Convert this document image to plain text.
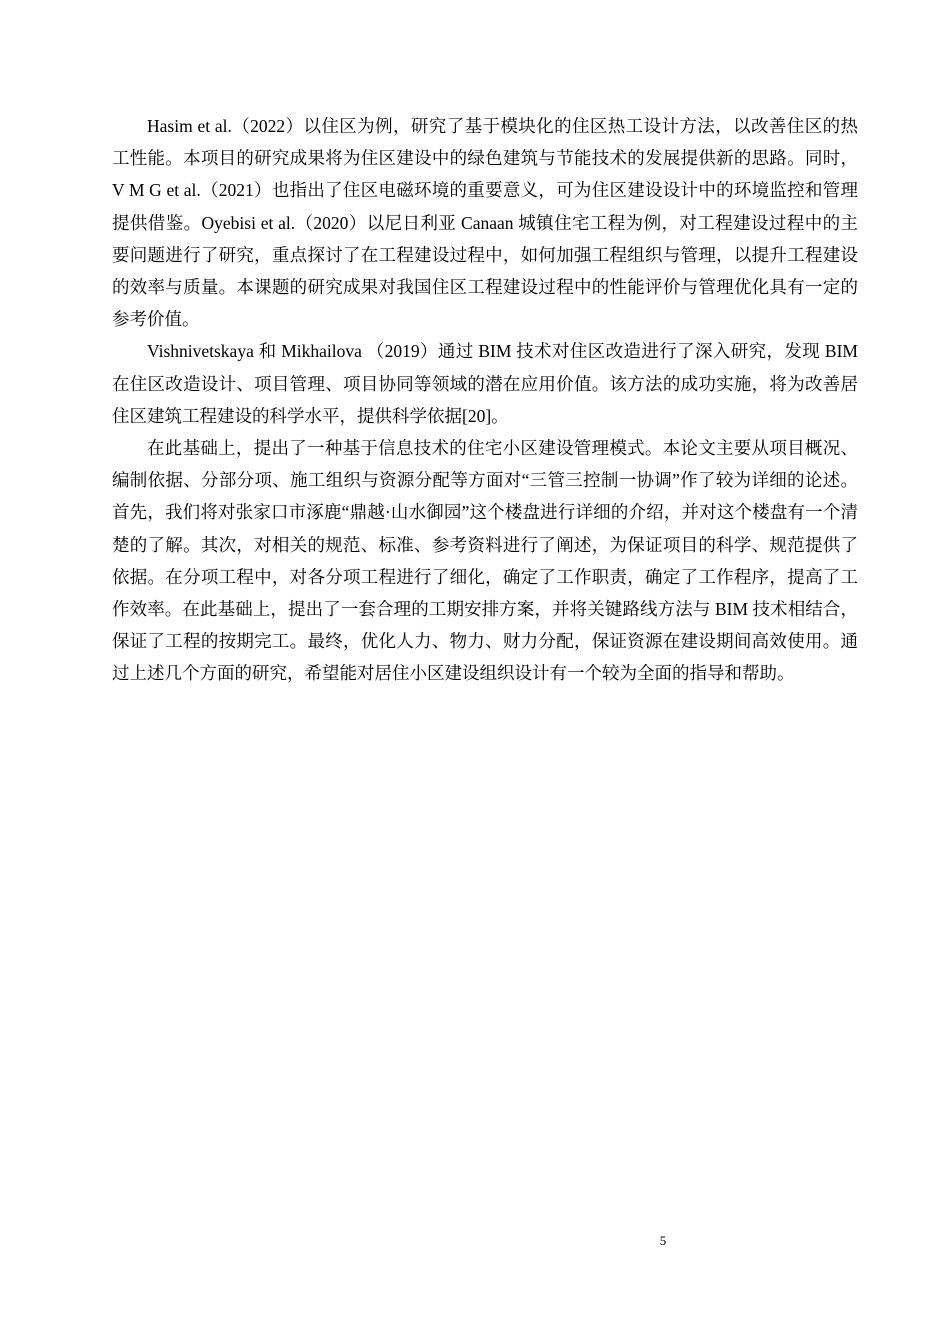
Hasim et al.（2022）以住区为例，研究了基于模块化的住区热工设计方法，以改善住区的热工性能。本项目的研究成果将为住区建设中的绿色建筑与节能技术的发展提供新的思路。同时， V M G et al.（2021）也指出了住区电磁环境的重要意义，可为住区建设设计中的环境监控和管理提供借鉴。Oyebisi et al.（2020）以尼日利亚 Canaan 城镇住宅工程为例，对工程建设过程中的主要问题进行了研究，重点探讨了在工程建设过程中，如何加强工程组织与管理，以提升工程建设的效率与质量。本课题的研究成果对我国住区工程建设过程中的性能评价与管理优化具有一定的参考价值。

Vishnivetskaya 和 Mikhailova （2019）通过 BIM 技术对住区改造进行了深入研究，发现 BIM 在住区改造设计、项目管理、项目协同等领域的潜在应用价值。该方法的成功实施，将为改善居住区建筑工程建设的科学水平，提供科学依据[20]。

在此基础上，提出了一种基于信息技术的住宅小区建设管理模式。本论文主要从项目概况、编制依据、分部分项、施工组织与资源分配等方面对“三管三控制一协调”作了较为详细的论述。首先，我们将对张家口市涿鹿“鼎越·山水御园”这个楼盘进行详细的介绍，并对这个楼盘有一个清楚的了解。其次，对相关的规范、标准、参考资料进行了阐述，为保证项目的科学、规范提供了依据。在分项工程中，对各分项工程进行了细化，确定了工作职责，确定了工作程序，提高了工作效率。在此基础上，提出了一套合理的工期安排方案，并将关键路线方法与 BIM 技术相结合，保证了工程的按期完工。最终，优化人力、物力、财力分配，保证资源在建设期间高效使用。通过上述几个方面的研究，希望能对居住小区建设组织设计有一个较为全面的指导和帮助。

5
